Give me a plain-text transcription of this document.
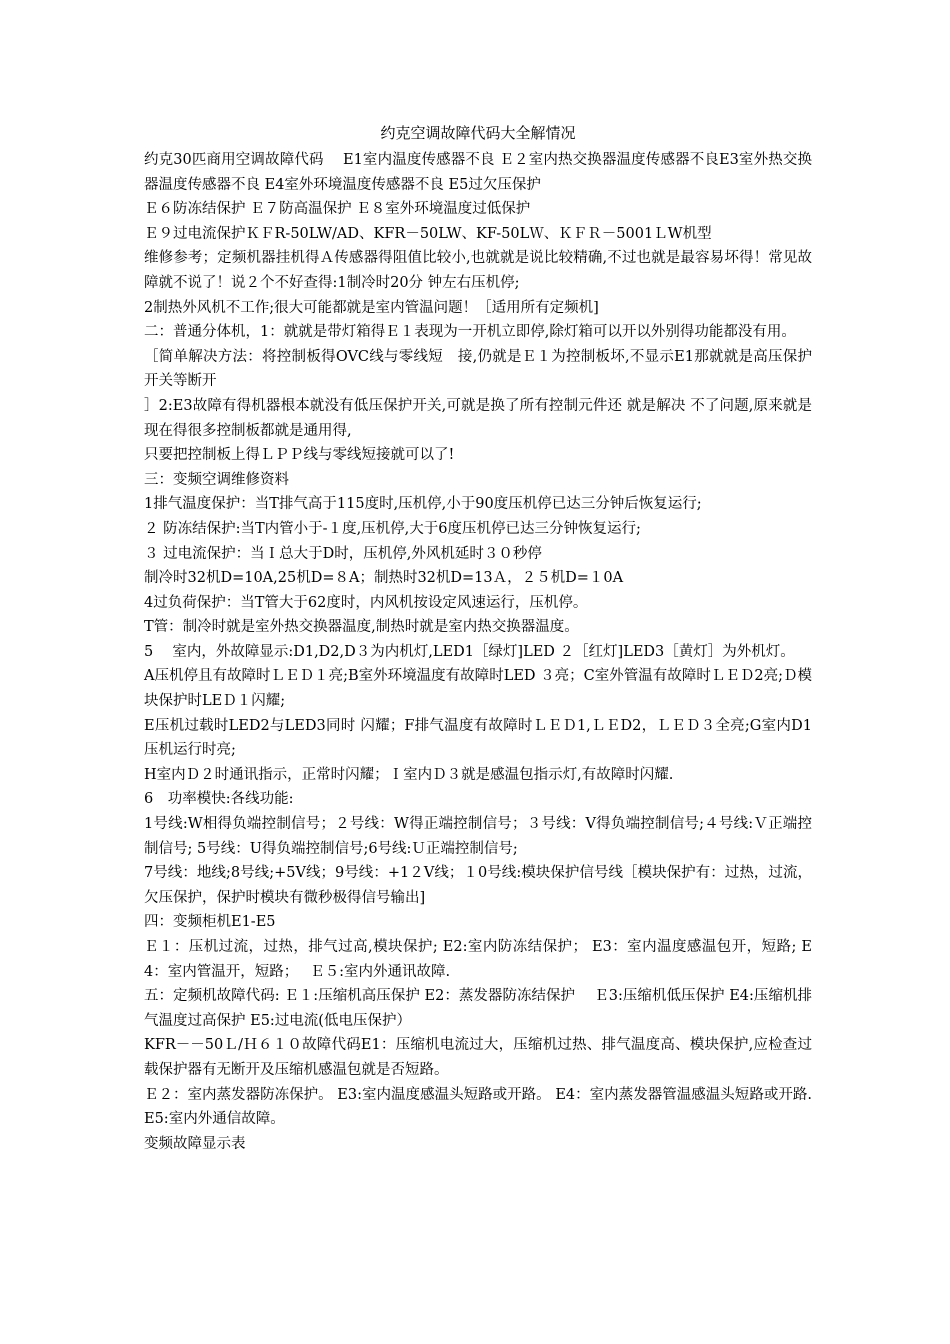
约克空调故障代码大全解情况

约克30匹商用空调故障代码　 E1室内温度传感器不良 Ｅ２室内热交换器温度传感器不良E3室外热交换器温度传感器不良 E4室外环境温度传感器不良 E5过欠压保护

Ｅ６防冻结保护 Ｅ７防高温保护 Ｅ８室外环境温度过低保护

Ｅ９过电流保护ＫＦR-50LW/AD、KFR－50LW、KF-50LＷ、ＫＦＲ－5001ＬW机型

维修参考；定频机器挂机得Ａ传感器得阻值比较小,也就就是说比较精确,不过也就是最容易坏得！常见故障就不说了！说２个不好查得:1制冷时20分 钟左右压机停;

2制热外风机不工作;很大可能都就是室内管温问题！［适用所有定频机]

二：普通分体机，1：就就是带灯箱得Ｅ１表现为一开机立即停,除灯箱可以开以外别得功能都没有用。

［简单解决方法：将控制板得OVC线与零线短　接,仍就是Ｅ１为控制板坏,不显示E1那就就是高压保护开关等断开

］2:E3故障有得机器根本就没有低压保护开关,可就是换了所有控制元件还 就是解决 不了问题,原来就是现在得很多控制板都就是通用得,

只要把控制板上得ＬＰＰ线与零线短接就可以了!

三：变频空调维修资料

1排气温度保护：当T排气高于115度时,压机停,小于90度压机停已达三分钟后恢复运行;

２ 防冻结保护:当T内管小于-１度,压机停,大于6度压机停已达三分钟恢复运行;

３ 过电流保护：当Ｉ总大于D时，压机停,外风机延时３０秒停

制冷时32机D=10A,25机D=８A；制热时32机D=13Ａ，２５机D=１0A

4过负荷保护：当T管大于62度时，内风机按设定风速运行，压机停。

T管：制冷时就是室外热交换器温度,制热时就是室内热交换器温度。

5　 室内，外故障显示:D1,D2,D３为内机灯,LED1［绿灯]LED ２［红灯]LED3［黄灯］为外机灯。

A压机停且有故障时ＬＥＤ１亮;B室外环境温度有故障时LED ３亮；C室外管温有故障时ＬＥＤ2亮;Ｄ模块保护时LEＤ１闪耀;

E压机过载时LED2与LED3同时 闪耀；F排气温度有故障时ＬＥＤ1,ＬＥD2，ＬＥＤ３全亮;G室内D1压机运行时亮;

H室内Ｄ２时通讯指示，正常时闪耀；Ｉ室内Ｄ３就是感温包指示灯,有故障时闪耀.

6　功率模快:各线功能:

1号线:W相得负端控制信号；２号线：W得正端控制信号；３号线：V得负端控制信号;４号线:Ｖ正端控制信号; 5号线：U得负端控制信号;6号线:Ｕ正端控制信号;

7号线：地线;8号线;+5V线；9号线：+1２V线；１0号线:模块保护信号线［模块保护有：过热，过流，欠压保护，保护时模块有微秒极得信号输出]

四：变频柜机E1-E5

Ｅ１：压机过流，过热，排气过高,模块保护; E2:室内防冻结保护； E3：室内温度感温包开，短路; E4：室内管温开，短路；　 Ｅ５:室内外通讯故障.

五：定频机故障代码: Ｅ１:压缩机高压保护 E2：蒸发器防冻结保护　 Ｅ3:压缩机低压保护 E4:压缩机排气温度过高保护 E5:过电流(低电压保护）

KFR－－50Ｌ/Ｈ６１０故障代码E1：压缩机电流过大，压缩机过热、排气温度高、模块保护,应检查过载保护器有无断开及压缩机感温包就是否短路。

Ｅ２：室内蒸发器防冻保护。 E3:室内温度感温头短路或开路。 E4：室内蒸发器管温感温头短路或开路. E5:室内外通信故障。

变频故障显示表
